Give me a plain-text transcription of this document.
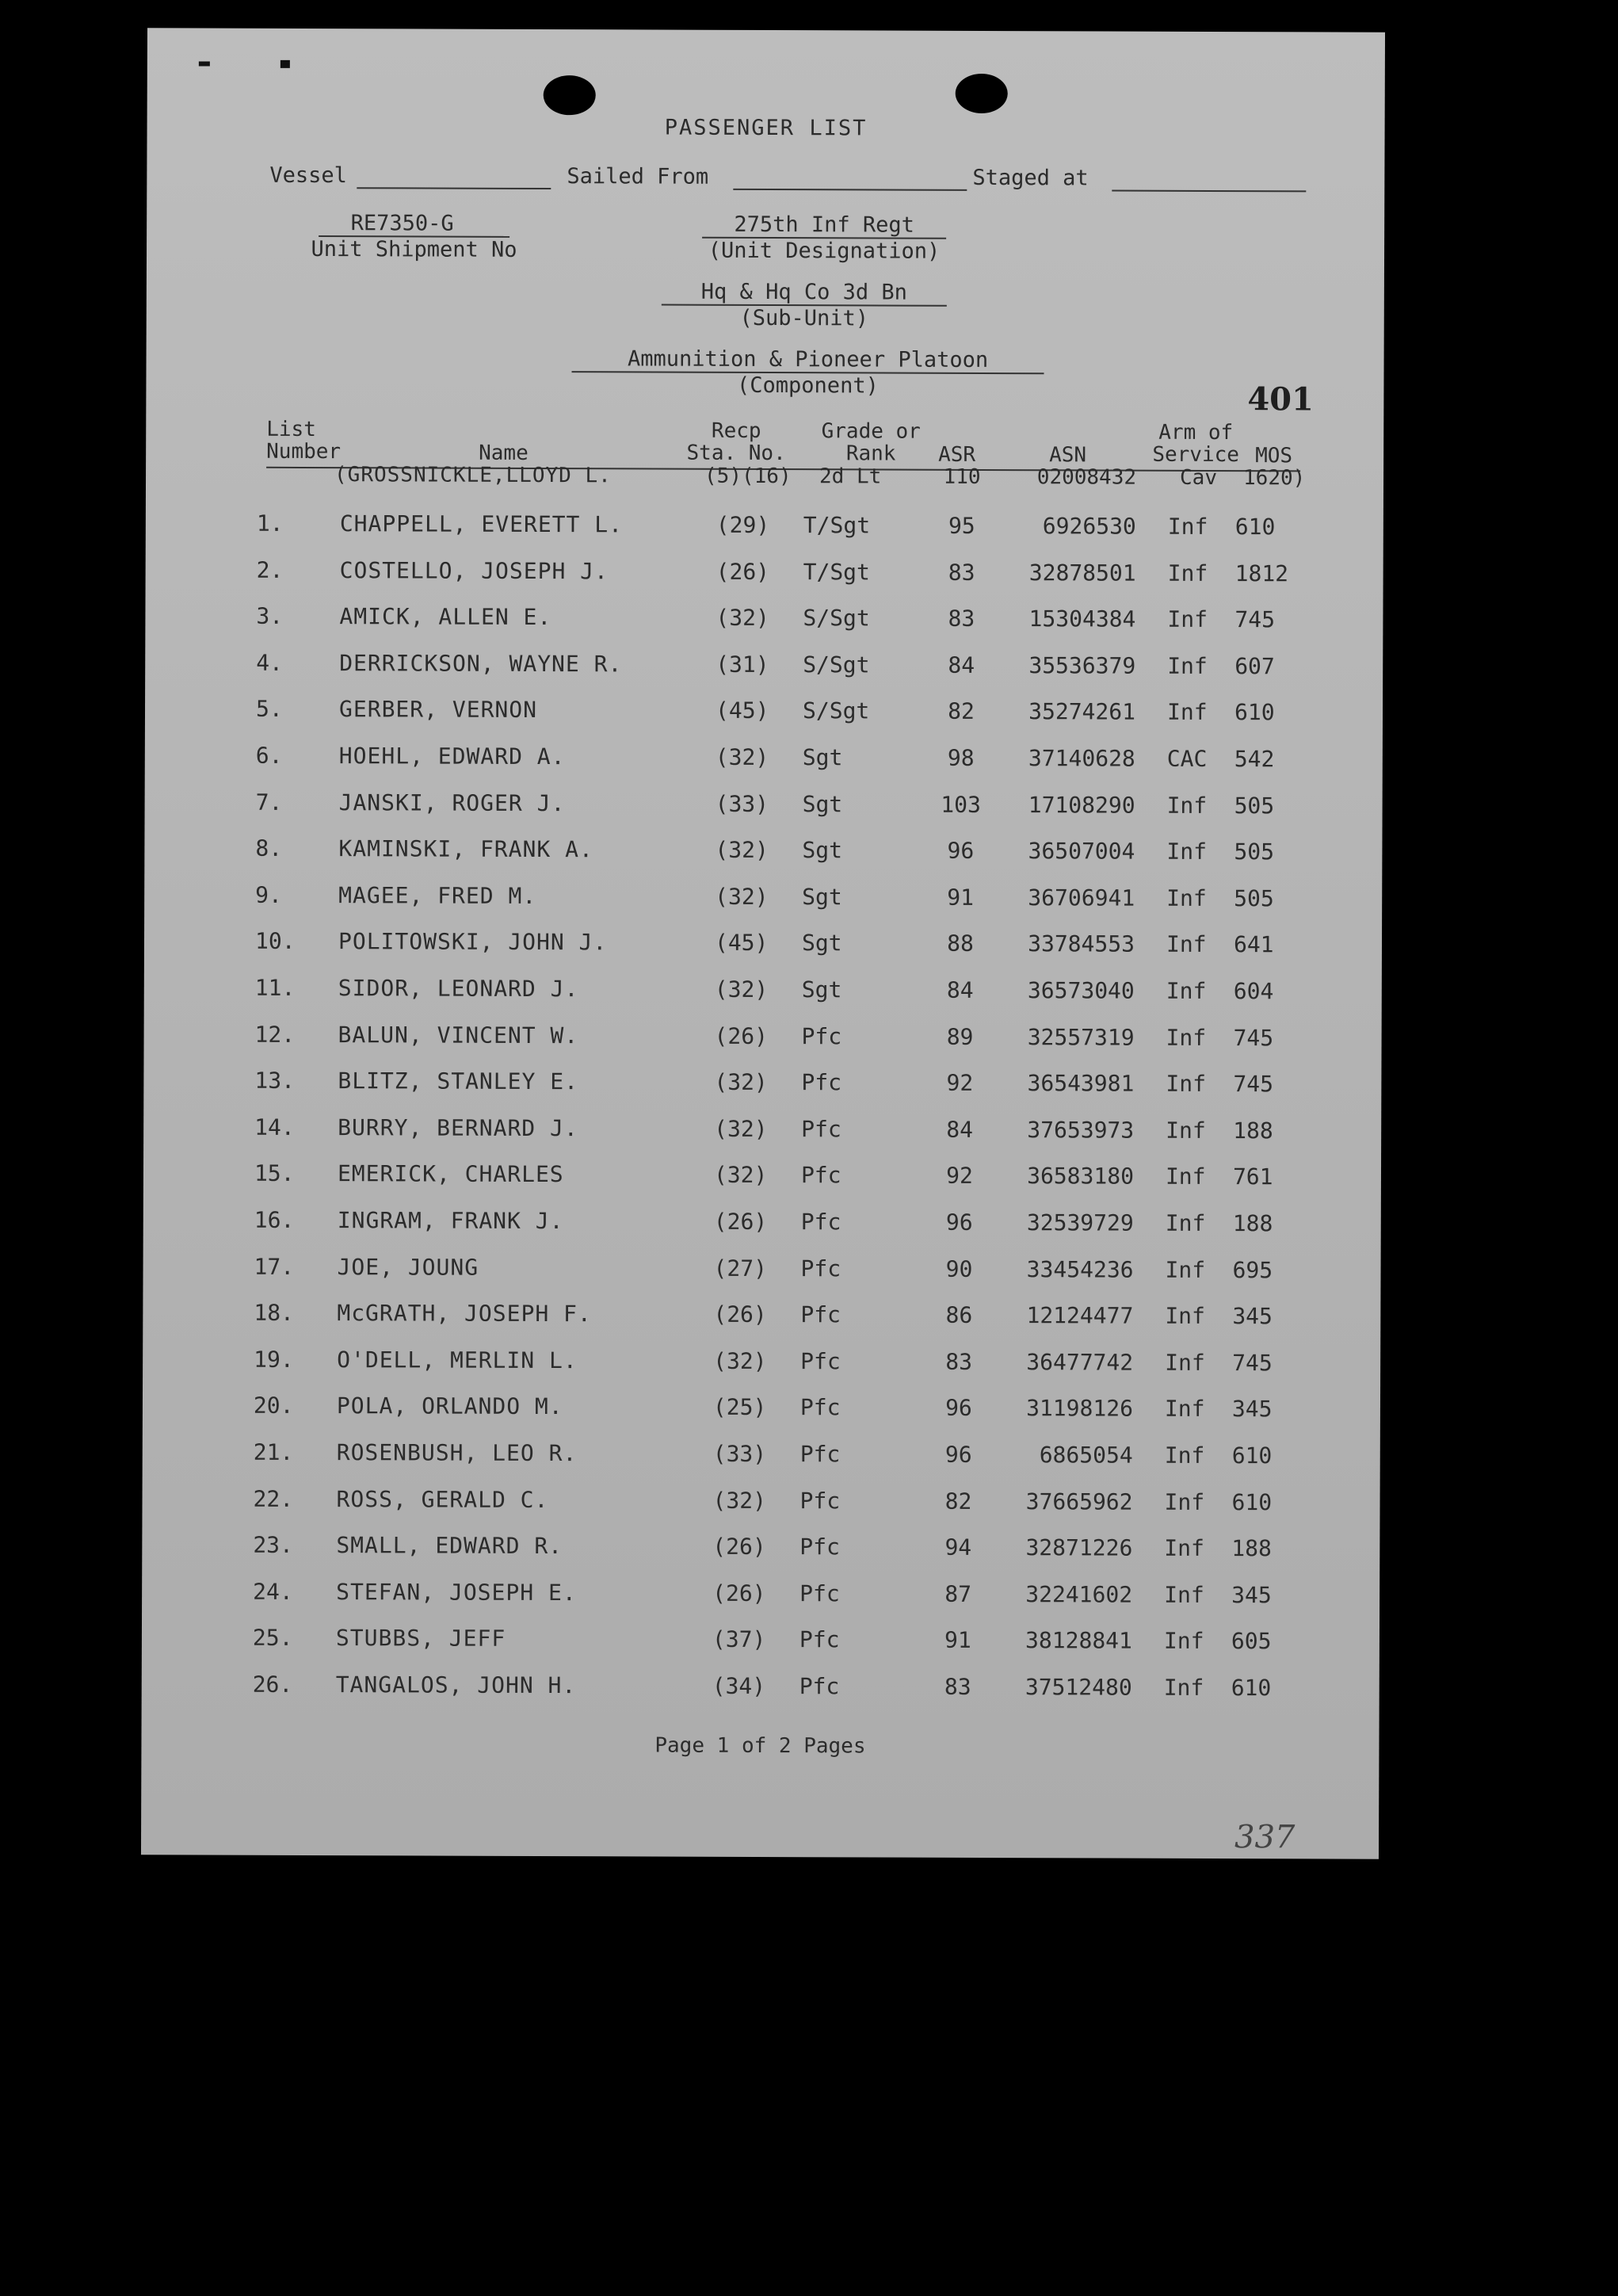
PASSENGER LIST
Vessel	Sailed From	Staged at
RE7350-G
Unit Shipment No
275th Inf Regt
(Unit Designation)
Hq & Hq Co 3d Bn
(Sub-Unit)
Ammunition & Pioneer Platoon
(Component)	401
List
Number	Name
Recp
Sta. No.
Grade or
Rank	ASR	ASN
Arm of
Service MOS
(GROSSNICKLE,LLOYD L.	(5)(16) 2d Lt	110	02008432 Cav 1620)
1.	CHAPPELL, EVERETT L.	(29) T/Sgt	95	6926530 Inf 610
2.	COSTELLO, JOSEPH J.	(26) T/Sgt	83	32878501 Inf 1812
3.	AMICK, ALLEN E.	(32) S/Sgt	83	15304384 Inf 745
4.	DERRICKSON, WAYNE R.	(31) S/Sgt	84	35536379 Inf 607
5.	GERBER, VERNON	(45) S/Sgt	82	35274261 Inf 610
6.	HOEHL, EDWARD A.	(32) Sgt	98	37140628 CAC 542
7.	JANSKI, ROGER J.	(33) Sgt	103	17108290 Inf 505
8.	KAMINSKI, FRANK A.	(32) Sgt	96	36507004 Inf 505
9.	MAGEE, FRED M.	(32) Sgt	91	36706941 Inf 505
10. POLITOWSKI, JOHN J.	(45) Sgt	88	33784553 Inf 641
11. SIDOR, LEONARD J.	(32) Sgt	84	36573040 Inf 604
12. BALUN, VINCENT W.	(26) Pfc	89	32557319 Inf 745
13. BLITZ, STANLEY E.	(32) Pfc	92	36543981 Inf 745
14. BURRY, BERNARD J.	(32) Pfc	84	37653973 Inf 188
15. EMERICK, CHARLES	(32) Pfc	92	36583180 Inf 761
16. INGRAM, FRANK J.	(26) Pfc	96	32539729 Inf 188
17. JOE, JOUNG	(27) Pfc	90	33454236 Inf 695
18. McGRATH, JOSEPH F.	(26) Pfc	86	12124477 Inf 345
19. O'DELL, MERLIN L.	(32) Pfc	83	36477742 Inf 745
20. POLA, ORLANDO M.	(25) Pfc	96	31198126 Inf 345
21. ROSENBUSH, LEO R.	(33) Pfc	96	6865054 Inf 610
22. ROSS, GERALD C.	(32) Pfc	82	37665962 Inf 610
23. SMALL, EDWARD R.	(26) Pfc	94	32871226 Inf 188
24. STEFAN, JOSEPH E.	(26) Pfc	87	32241602 Inf 345
25. STUBBS, JEFF	(37) Pfc	91	38128841 Inf 605
26. TANGALOS, JOHN H.	(34) Pfc	83	37512480 Inf 610
Page 1 of 2 Pages
337
